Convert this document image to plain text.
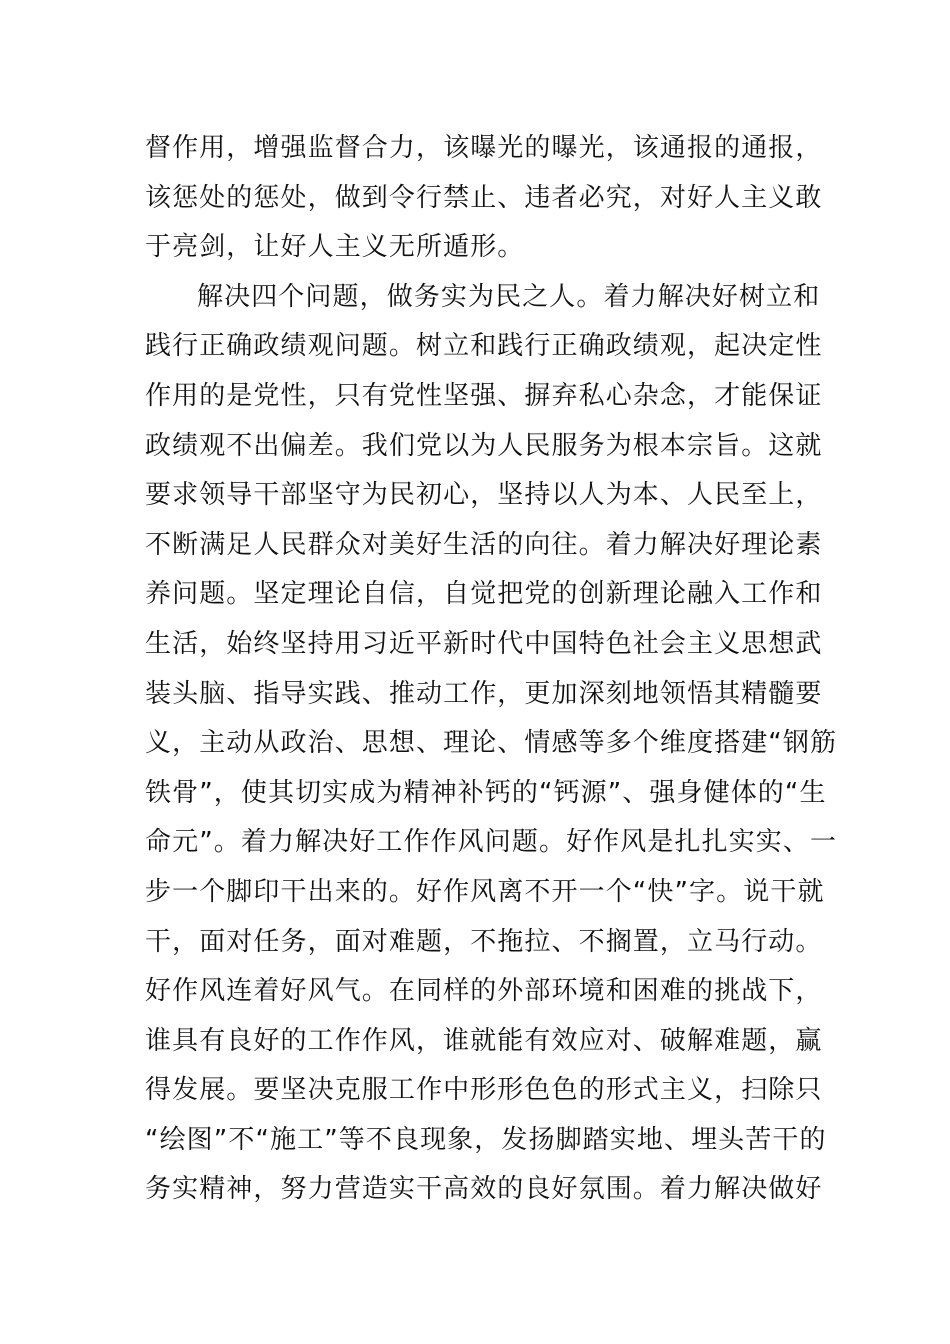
督作用，增强监督合力，该曝光的曝光，该通报的通报，
该惩处的惩处，做到令行禁止、违者必究，对好人主义敢
于亮剑，让好人主义无所遁形。
解决四个问题，做务实为民之人。着力解决好树立和
践行正确政绩观问题。树立和践行正确政绩观，起决定性
作用的是党性，只有党性坚强、摒弃私心杂念，才能保证
政绩观不出偏差。我们党以为人民服务为根本宗旨。这就
要求领导干部坚守为民初心，坚持以人为本、人民至上，
不断满足人民群众对美好生活的向往。着力解决好理论素
养问题。坚定理论自信，自觉把党的创新理论融入工作和
生活，始终坚持用习近平新时代中国特色社会主义思想武
装头脑、指导实践、推动工作，更加深刻地领悟其精髓要
义，主动从政治、思想、理论、情感等多个维度搭建“钢筋
铁骨”，使其切实成为精神补钙的“钙源”、强身健体的“生
命元”。着力解决好工作作风问题。好作风是扎扎实实、一
步一个脚印干出来的。好作风离不开一个“快”字。说干就
干，面对任务，面对难题，不拖拉、不搁置，立马行动。
好作风连着好风气。在同样的外部环境和困难的挑战下，
谁具有良好的工作作风，谁就能有效应对、破解难题，赢
得发展。要坚决克服工作中形形色色的形式主义，扫除只
“绘图”不“施工”等不良现象，发扬脚踏实地、埋头苦干的
务实精神，努力营造实干高效的良好氛围。着力解决做好
